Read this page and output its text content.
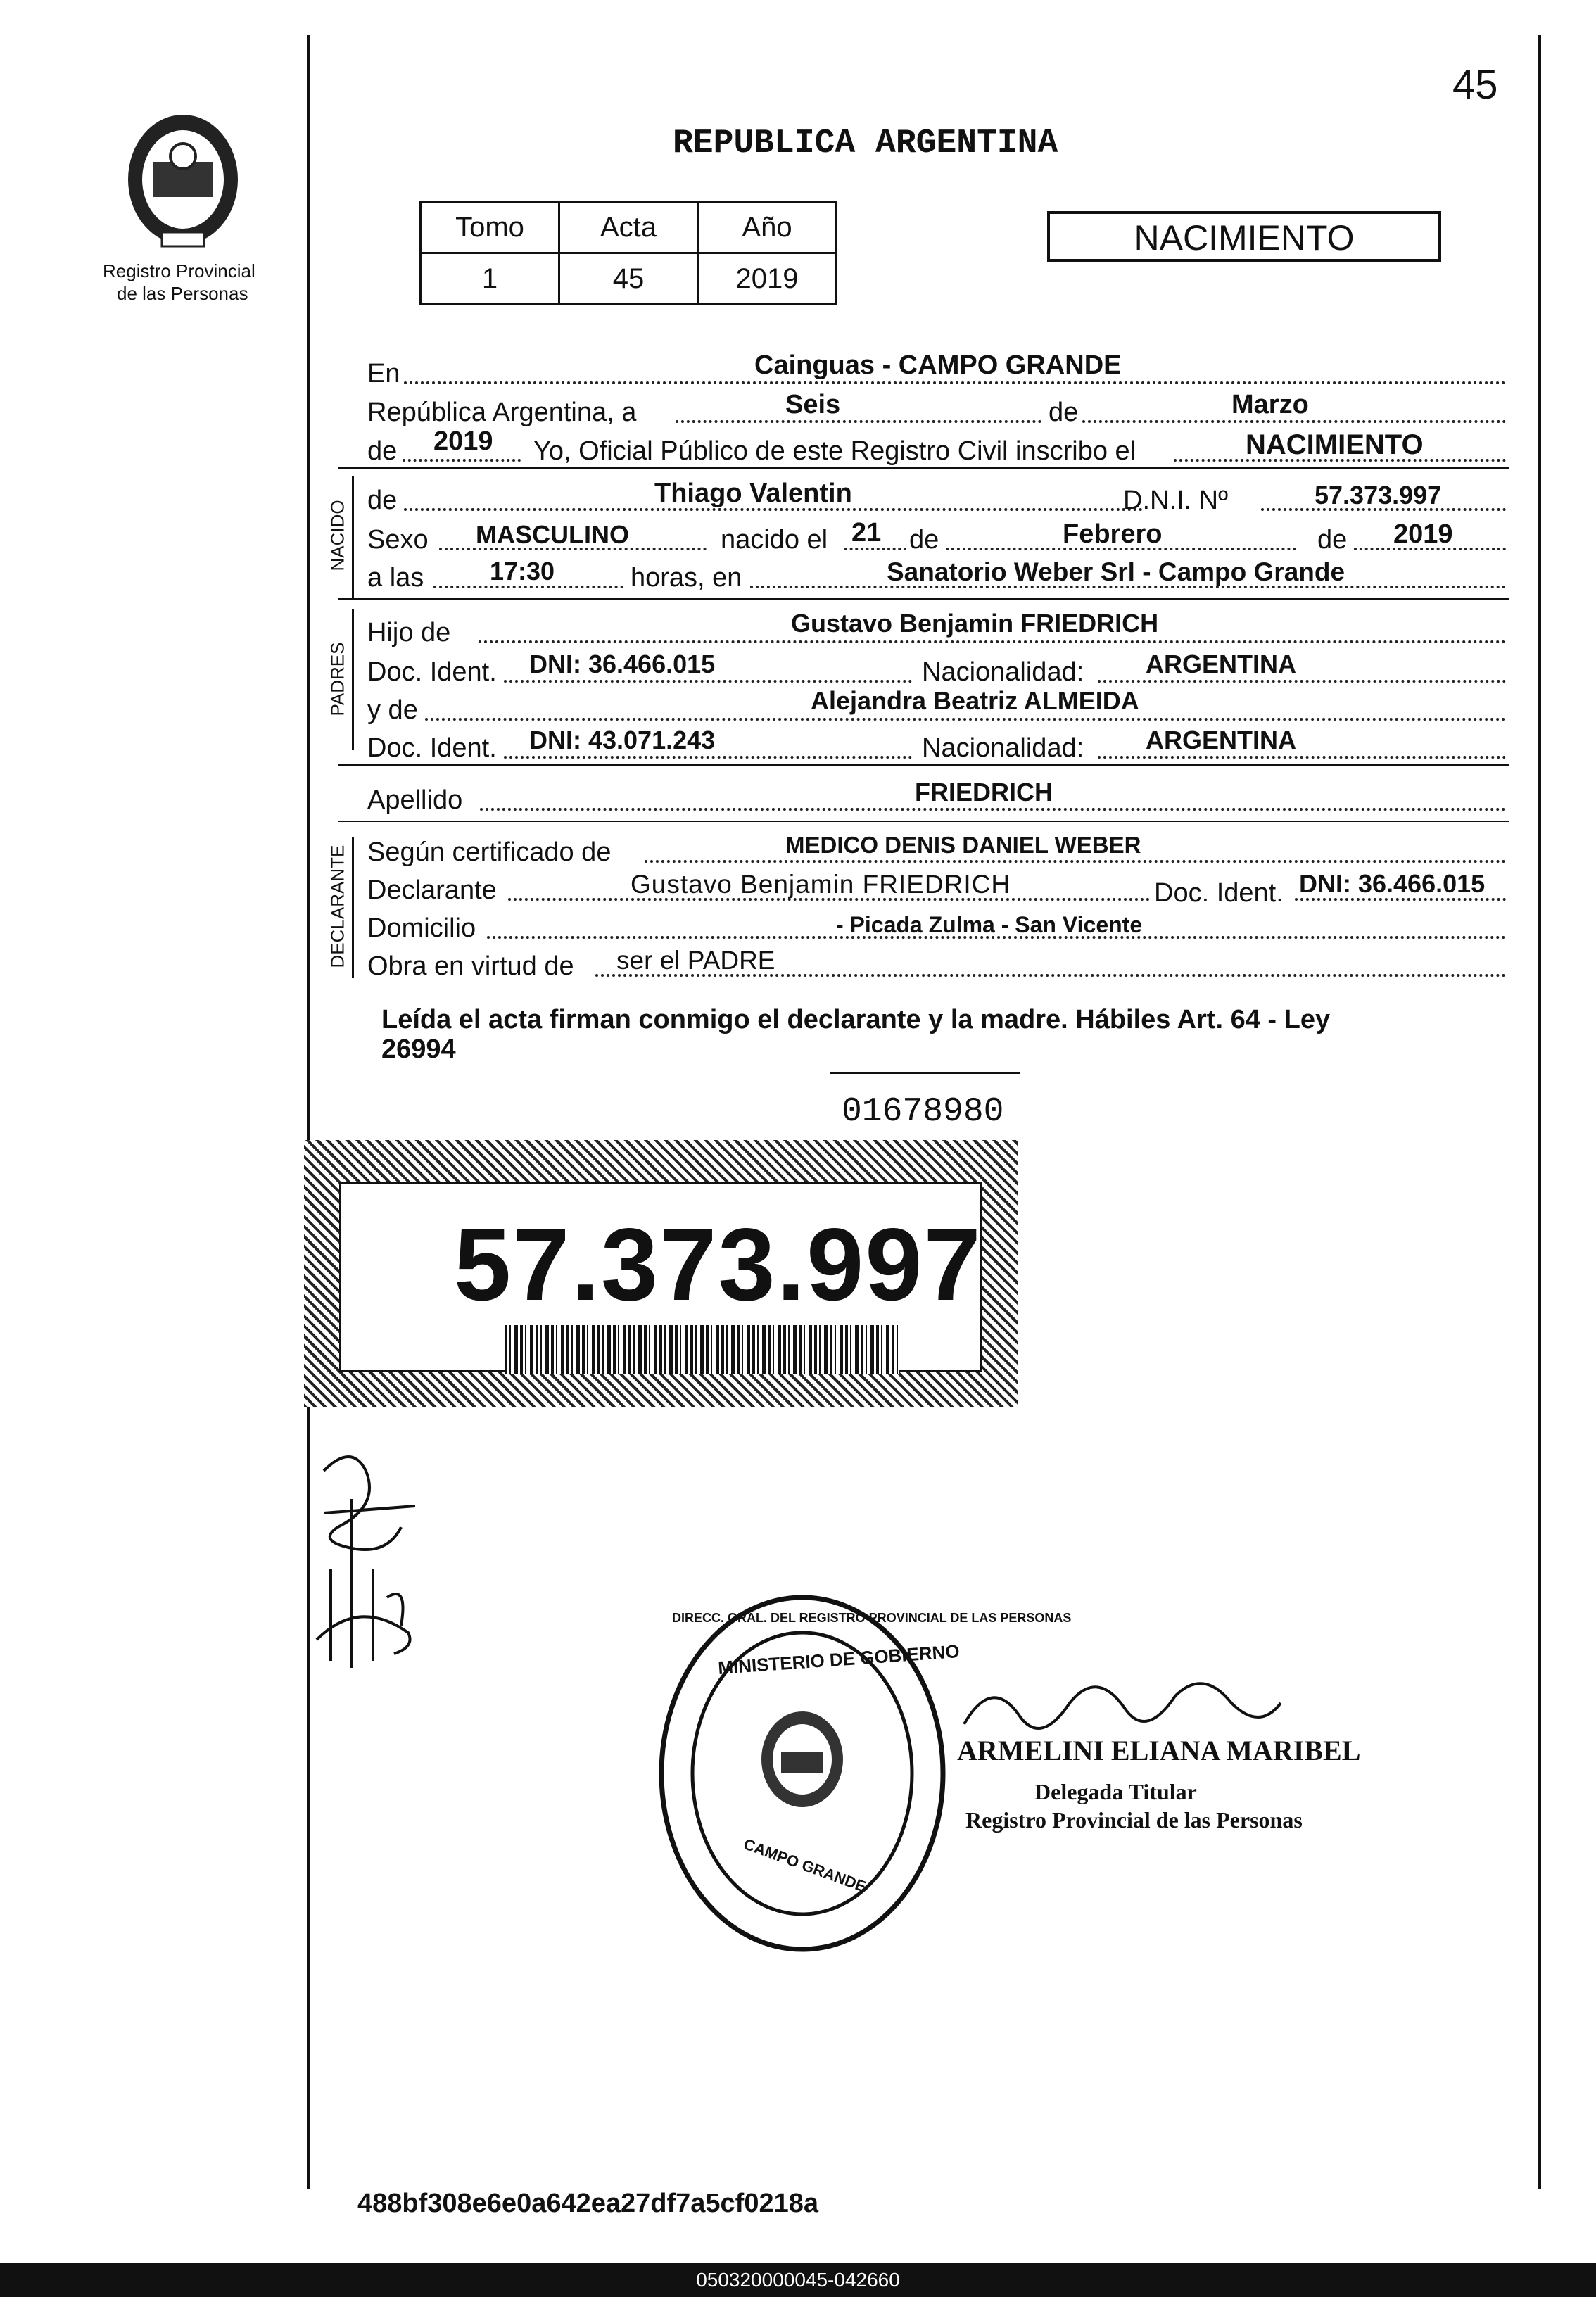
45
Registro Provincial
de las Personas
REPUBLICA ARGENTINA
Tomo	Acta	Año
1	45	2019
NACIMIENTO
En	Cainguas - CAMPO GRANDE
República Argentina, a	Seis	de	Marzo
de 2019 Yo, Oficial Público de este Registro Civil inscribo el	NACIMIENTO
NACIDO de	Thiago Valentin	D.N.I. Nº	57.373.997
Sexo MASCULINO	nacido el 21 de	Febrero	de 2019
a las	17:30	horas, en	Sanatorio Weber Srl - Campo Grande
PADRES
Hijo de	Gustavo Benjamin FRIEDRICH
Doc. Ident. DNI: 36.466.015	Nacionalidad: ARGENTINA
y de	Alejandra Beatriz ALMEIDA
Doc. Ident. DNI: 43.071.243	Nacionalidad: ARGENTINA
Apellido	FRIEDRICH
DECLARANTE Según certificado de	MEDICO DENIS DANIEL WEBER
Declarante	Gustavo Benjamin FRIEDRICH	Doc. Ident. DNI: 36.466.015
Domicilio	- Picada Zulma - San Vicente
Obra en virtud de ser el PADRE
Leída el acta firman conmigo el declarante y la madre. Hábiles Art. 64 - Ley
26994
01678980
57.373.997
CAMPO GRANDE
MINISTERIO DE GOBIERNO
DIRECC. GRAL. DEL REGISTRO PROVINCIAL DE LAS PERSONAS
ARMELINI ELIANA MARIBEL
Delegada Titular
Registro Provincial de las Personas
488bf308e6e0a642ea27df7a5cf0218a
050320000045-042660
